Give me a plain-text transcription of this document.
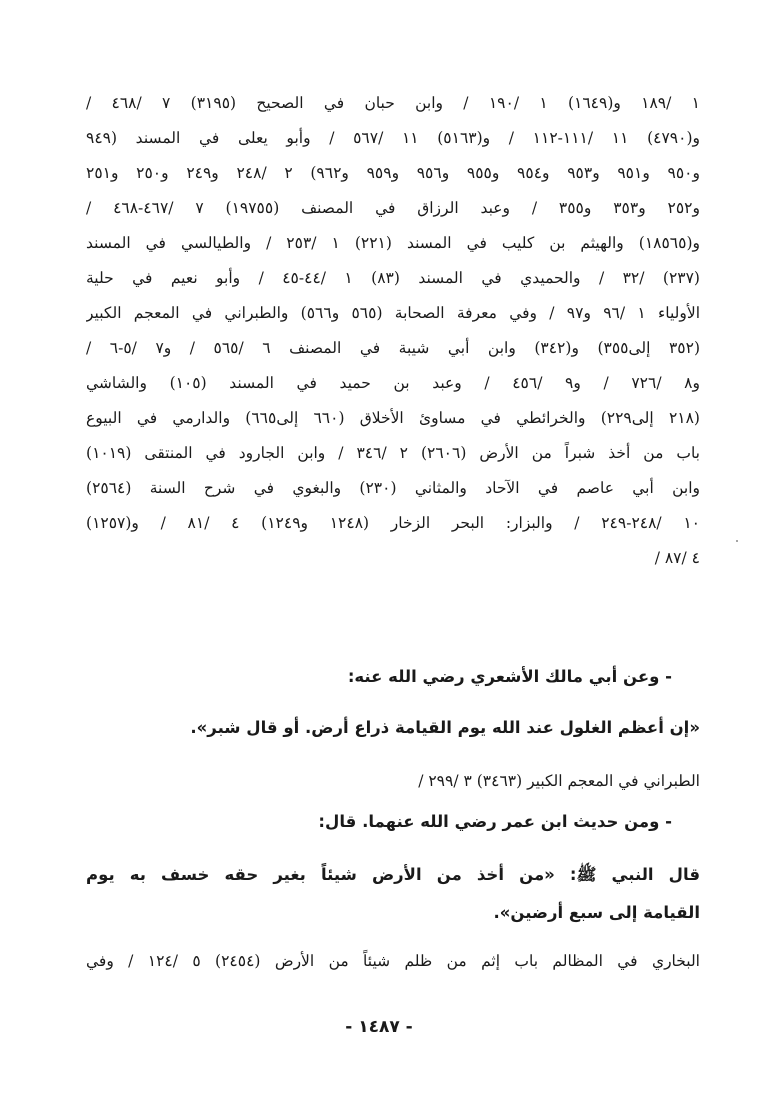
١ /١٨٩ و(١٦٤٩) ١ /١٩٠ / وابن حبان في الصحيح (٣١٩٥) ٧ /٤٦٨ /
و(٤٧٩٠) ١١ /١١١-١١٢ / و(٥١٦٣) ١١ /٥٦٧ / وأبو يعلى في المسند (٩٤٩
و٩٥٠ و٩٥١ و٩٥٣ و٩٥٤ و٩٥٥ و٩٥٦ و٩٥٩ و٩٦٢) ٢ /٢٤٨ و٢٤٩ و٢٥٠ و٢٥١
و٢٥٢ و٣٥٣ و٣٥٥ / وعبد الرزاق في المصنف (١٩٧٥٥) ٧ /٤٦٧-٤٦٨ /
و(١٨٥٦٥) والهيثم بن كليب في المسند (٢٢١) ١ /٢٥٣ / والطيالسي في المسند
(٢٣٧) /٣٢ / والحميدي في المسند (٨٣) ١ /٤٤-٤٥ / وأبو نعيم في حلية
الأولياء ١ /٩٦ و٩٧ / وفي معرفة الصحابة (٥٦٥ و٥٦٦) والطبراني في المعجم الكبير
(٣٥٢ إلى٣٥٥) و(٣٤٢) وابن أبي شيبة في المصنف ٦ /٥٦٥ / و٧ /٥-٦ /
و٨ /٧٢٦ / و٩ /٤٥٦ / وعبد بن حميد في المسند (١٠٥) والشاشي
(٢١٨ إلى٢٢٩) والخرائطي في مساوئ الأخلاق (٦٦٠ إلى٦٦٥) والدارمي في البيوع
باب من أخذ شبراً من الأرض (٢٦٠٦) ٢ /٣٤٦ / وابن الجارود في المنتقى (١٠١٩)
وابن أبي عاصم في الآحاد والمثاني (٢٣٠) والبغوي في شرح السنة (٢٥٦٤)
١٠ /٢٤٨-٢٤٩ / والبزار: البحر الزخار (١٢٤٨ و١٢٤٩) ٤ /٨١ / و(١٢٥٧)
٤ /٨٧ /
- وعن أبي مالك الأشعري رضي الله عنه:
«إن أعظم الغلول عند الله يوم القيامة ذراع أرض. أو قال شبر».
الطبراني في المعجم الكبير (٣٤٦٣) ٣ /٢٩٩ /
- ومن حديث ابن عمر رضي الله عنهما. قال:
قال النبي ﷺ: «من أخذ من الأرض شيئاً بغير حقه خسف به يوم
القيامة إلى سبع أرضين».
البخاري في المظالم باب إثم من ظلم شيئاً من الأرض (٢٤٥٤) ٥ /١٢٤ / وفي
- ١٤٨٧ -
